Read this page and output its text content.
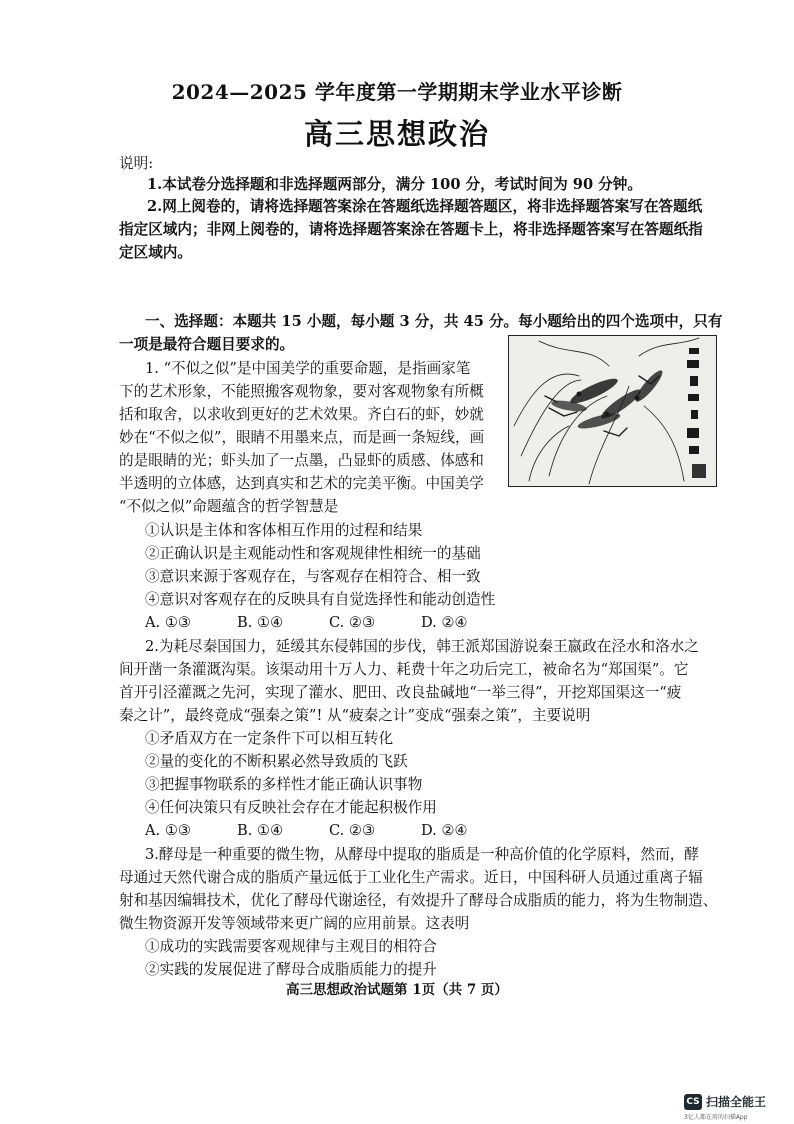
2024—2025 学年度第一学期期末学业水平诊断
高三思想政治
说明:
1.本试卷分选择题和非选择题两部分，满分 100 分，考试时间为 90 分钟。
2.网上阅卷的，请将选择题答案涂在答题纸选择题答题区，将非选择题答案写在答题纸
指定区域内；非网上阅卷的，请将选择题答案涂在答题卡上，将非选择题答案写在答题纸指
定区域内。
一、选择题：本题共 15 小题，每小题 3 分，共 45 分。每小题给出的四个选项中，只有
一项是最符合题目要求的。
1. “不似之似”是中国美学的重要命题，是指画家笔
下的艺术形象，不能照搬客观物象，要对客观物象有所概
括和取舍，以求收到更好的艺术效果。齐白石的虾，妙就
妙在“不似之似”，眼睛不用墨来点，而是画一条短线，画
的是眼睛的光；虾头加了一点墨，凸显虾的质感、体感和
半透明的立体感，达到真实和艺术的完美平衡。中国美学
“不似之似”命题蕴含的哲学智慧是
①认识是主体和客体相互作用的过程和结果
②正确认识是主观能动性和客观规律性相统一的基础
③意识来源于客观存在，与客观存在相符合、相一致
④意识对客观存在的反映具有自觉选择性和能动创造性
A. ①③	B. ①④	C. ②③	D. ②④
2.为耗尽秦国国力，延缓其东侵韩国的步伐，韩王派郑国游说秦王嬴政在泾水和洛水之
间开凿一条灌溉沟渠。该渠动用十万人力、耗费十年之功后完工，被命名为“郑国渠”。它
首开引泾灌溉之先河，实现了灌水、肥田、改良盐碱地“一举三得”，开挖郑国渠这一“疲
秦之计”，最终竟成“强秦之策”! 从“疲秦之计”变成“强秦之策”，主要说明
①矛盾双方在一定条件下可以相互转化
②量的变化的不断积累必然导致质的飞跃
③把握事物联系的多样性才能正确认识事物
④任何决策只有反映社会存在才能起积极作用
A. ①③	B. ①④	C. ②③	D. ②④
3.酵母是一种重要的微生物，从酵母中提取的脂质是一种高价值的化学原料，然而，酵
母通过天然代谢合成的脂质产量远低于工业化生产需求。近日，中国科研人员通过重离子辐
射和基因编辑技术，优化了酵母代谢途径，有效提升了酵母合成脂质的能力，将为生物制造、
微生物资源开发等领域带来更广阔的应用前景。这表明
①成功的实践需要客观规律与主观目的相符合
②实践的发展促进了酵母合成脂质能力的提升
高三思想政治试题第 1页（共 7 页）
CS 扫描全能王
3亿人都在用的扫描App
